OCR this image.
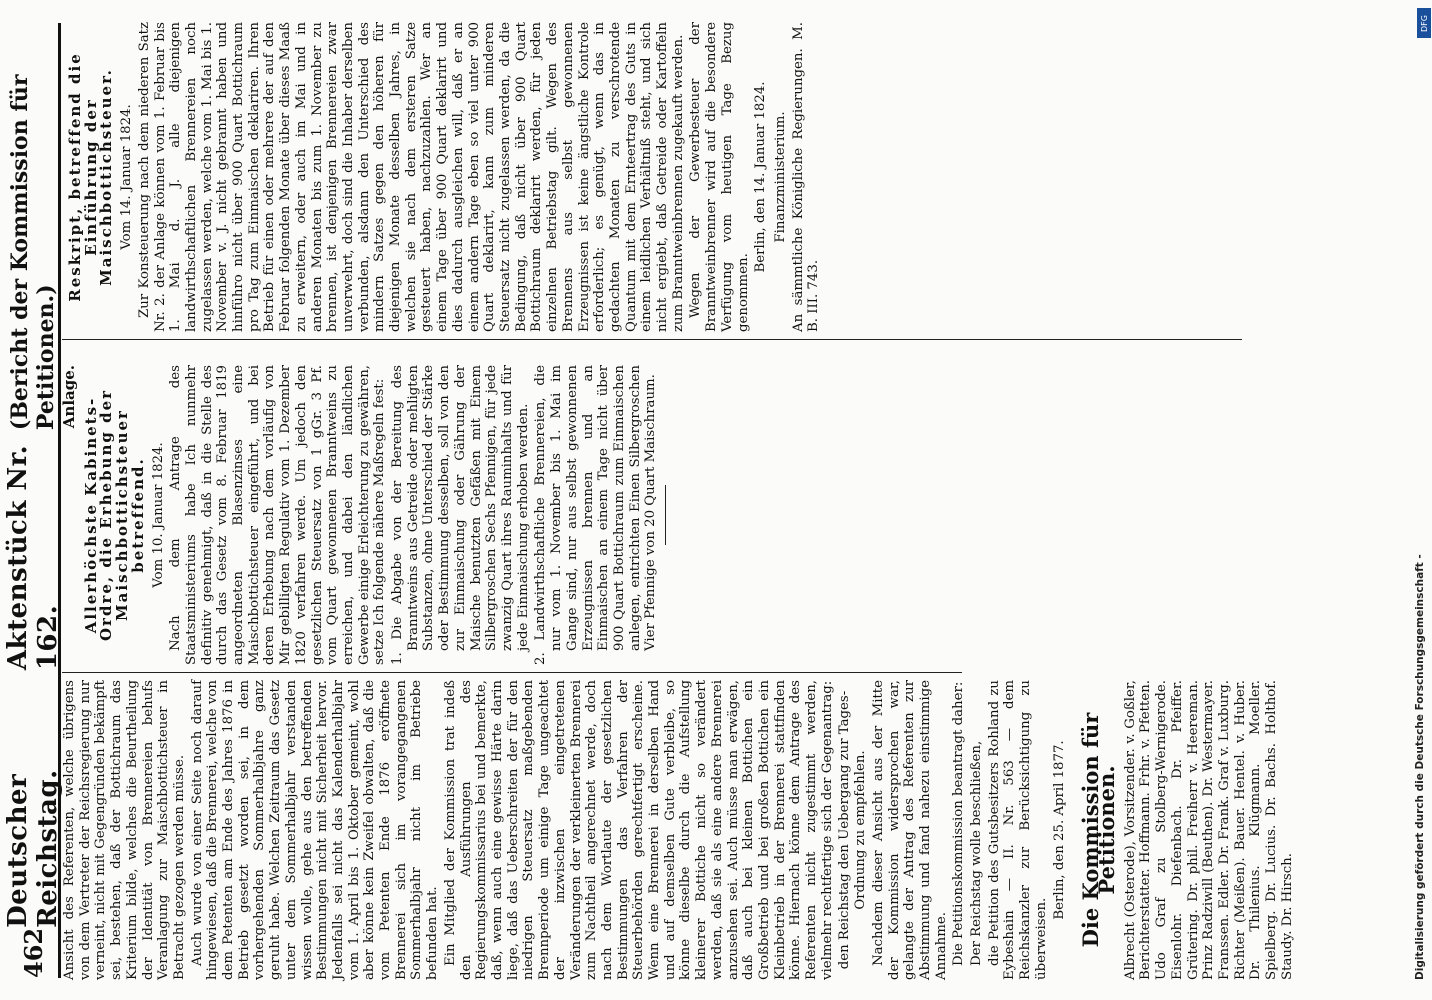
462
Deutscher Reichstag.
Aktenstück Nr. 162.
(Bericht der Kommission für Petitionen.)

Ansicht des Referenten, welche übrigens von dem Vertreter der Reichsregierung nur verneint, nicht mit Gegengründen bekämpft sei, bestehen, daß der Bottichraum das Kriterium bilde, welches die Beurtheilung der Identität von Brennereien behufs Veranlagung zur Maischbottichsteuer in Betracht gezogen werden müsse. Auch wurde von einer Seite noch darauf hingewiesen, daß die Brennerei, welche von dem Petenten am Ende des Jahres 1876 in Betrieb gesetzt worden sei, in dem vorhergehenden Sommerhalbjahre ganz geruht habe. Welchen Zeitraum das Gesetz unter dem Sommerhalbjahr verstanden wissen wolle, gehe aus den betreffenden Bestimmungen nicht mit Sicherheit hervor. Jedenfalls sei nicht das Kalenderhalbjahr vom 1. April bis 1. Oktober gemeint, wohl aber könne kein Zweifel obwalten, daß die vom Petenten Ende 1876 eröffnete Brennerei sich im vorangegangenen Sommerhalbjahr nicht im Betriebe befunden hat. Ein Mitglied der Kommission trat indeß den Ausführungen des Regierungskommissarius bei und bemerkte, daß, wenn auch eine gewisse Härte darin liege, daß das Ueberschreiten der für den niedrigen Steuersatz maßgebenden Brennperiode um einige Tage ungeachtet der inzwischen eingetretenen Veränderungen der verkleinerten Brennerei zum Nachtheil angerechnet werde, doch nach dem Wortlaute der gesetzlichen Bestimmungen das Verfahren der Steuerbehörden gerechtfertigt erscheine. Wenn eine Brennerei in derselben Hand und auf demselben Gute verbleibe, so könne dieselbe durch die Aufstellung kleinerer Bottiche nicht so verändert werden, daß sie als eine andere Brennerei anzusehen sei. Auch müsse man erwägen, daß auch bei kleinen Bottichen ein Großbetrieb und bei großen Bottichen ein Kleinbetrieb in der Brennerei stattfinden könne. Hiernach könne dem Antrage des Referenten nicht zugestimmt werden, vielmehr rechtfertige sich der Gegenantrag: den Reichstag den Uebergang zur Tages-Ordnung zu empfehlen. Nachdem dieser Ansicht aus der Mitte der Kommission widersprochen war, gelangte der Antrag des Referenten zur Abstimmung und fand nahezu einstimmige Annahme. Die Petitionskommission beantragt daher: Der Reichstag wolle beschließen, die Petition des Gutsbesitzers Rohland zu Eybeshain — II. Nr. 563 — dem Reichskanzler zur Berücksichtigung zu überweisen.

Berlin, den 25. April 1877. Die Kommission für Petitionen. Albrecht (Osterode), Vorsitzender. v. Goßler, Berichterstatter. Hoffmann. Frhr. v. Pfetten. Udo Graf zu Stolberg-Wernigerode. Eisenlohr. Diefenbach. Dr. Pfeiffer. Grütering. Dr. phil. Freiherr v. Heereman. Prinz Radziwill (Beuthen). Dr. Westermayer. Franssen. Edler. Dr. Frank. Graf v. Luxburg. Richter (Meißen). Bauer. Hentel. v. Huber. Dr. Thilenius. Klügmann. Moeller. Spielberg. Dr. Lucius. Dr. Bachs. Holthof. Staudy. Dr. Hirsch.

Anlage.

Allerhöchste Kabinets-Ordre, die Erhebung der Maischbottichsteuer betreffend. Vom 10. Januar 1824. Nach dem Antrage des Staatsministeriums habe Ich nunmehr definitiv genehmigt, daß in die Stelle des durch das Gesetz vom 8. Februar 1819 angeordneten Blasenzinses eine Maischbottichsteuer eingeführt, und bei deren Erhebung nach dem vorläufig von Mir gebilligten Regulativ vom 1. Dezember 1820 verfahren werde. Um jedoch den gesetzlichen Steuersatz von 1 gGr. 3 Pf. vom Quart gewonnenen Branntweins zu erreichen, und dabei den ländlichen Gewerbe einige Erleichterung zu gewähren, setze Ich folgende nähere Maßregeln fest: 1. Die Abgabe von der Bereitung des Branntweins aus Getreide oder mehligten Substanzen, ohne Unterschied der Stärke oder Bestimmung desselben, soll von den zur Einmaischung oder Gährung der Maische benutzten Gefäßen mit Einem Silbergroschen Sechs Pfennigen, für jede zwanzig Quart ihres Rauminhalts und für jede Einmaischung erhoben werden. 2. Landwirthschaftliche Brennereien, die nur vom 1. November bis 1. Mai im Gange sind, nur aus selbst gewonnenen Erzeugnissen brennen und an Einmaischen an einem Tage nicht über 900 Quart Bottichraum zum Einmaischen anlegen, entrichten Einen Silbergroschen Vier Pfennige von 20 Quart Maischraum.

Reskript, betreffend die Einführung der Maischbottichsteuer. Vom 14. Januar 1824. Zur Konsteuerung nach dem niederen Satz Nr. 2. der Anlage können vom 1. Februar bis 1. Mai d. J. alle diejenigen landwirthschaftlichen Brennereien noch zugelassen werden, welche vom 1. Mai bis 1. November v. J. nicht gebrannt haben und hinführo nicht über 900 Quart Bottichraum pro Tag zum Einmaischen deklariren. Ihren Betrieb für einen oder mehrere der auf den Februar folgenden Monate über dieses Maaß zu erweitern, oder auch im Mai und in anderen Monaten bis zum 1. November zu brennen, ist denjenigen Brennereien zwar unverwehrt, doch sind die Inhaber derselben verbunden, alsdann den Unterschied des mindern Satzes gegen den höheren für diejenigen Monate desselben Jahres, in welchen sie nach dem ersteren Satze gesteuert haben, nachzuzahlen. Wer an einem Tage über 900 Quart deklarirt und dies dadurch ausgleichen will, daß er an einem andern Tage eben so viel unter 900 Quart deklarirt, kann zum minderen Steuersatz nicht zugelassen werden, da die Bedingung, daß nicht über 900 Quart Bottichraum deklarirt werden, für jeden einzelnen Betriebstag gilt. Wegen des Brennens aus selbst gewonnenen Erzeugnissen ist keine ängstliche Kontrole erforderlich; es genügt, wenn das in gedachten Monaten zu verschrotende Quantum mit dem Ernteertrag des Guts in einem leidlichen Verhältniß steht, und sich nicht ergiebt, daß Getreide oder Kartoffeln zum Branntweinbrennen zugekauft werden. Wegen der Gewerbesteuer der Branntweinbrenner wird auf die besondere Verfügung vom heutigen Tage Bezug genommen.

Berlin, den 14. Januar 1824. Finanzministerium. An sämmtliche Königliche Regierungen. M. B. III. 743.

Digitalisierung gefördert durch die Deutsche Forschungsgemeinschaft -
DFG
